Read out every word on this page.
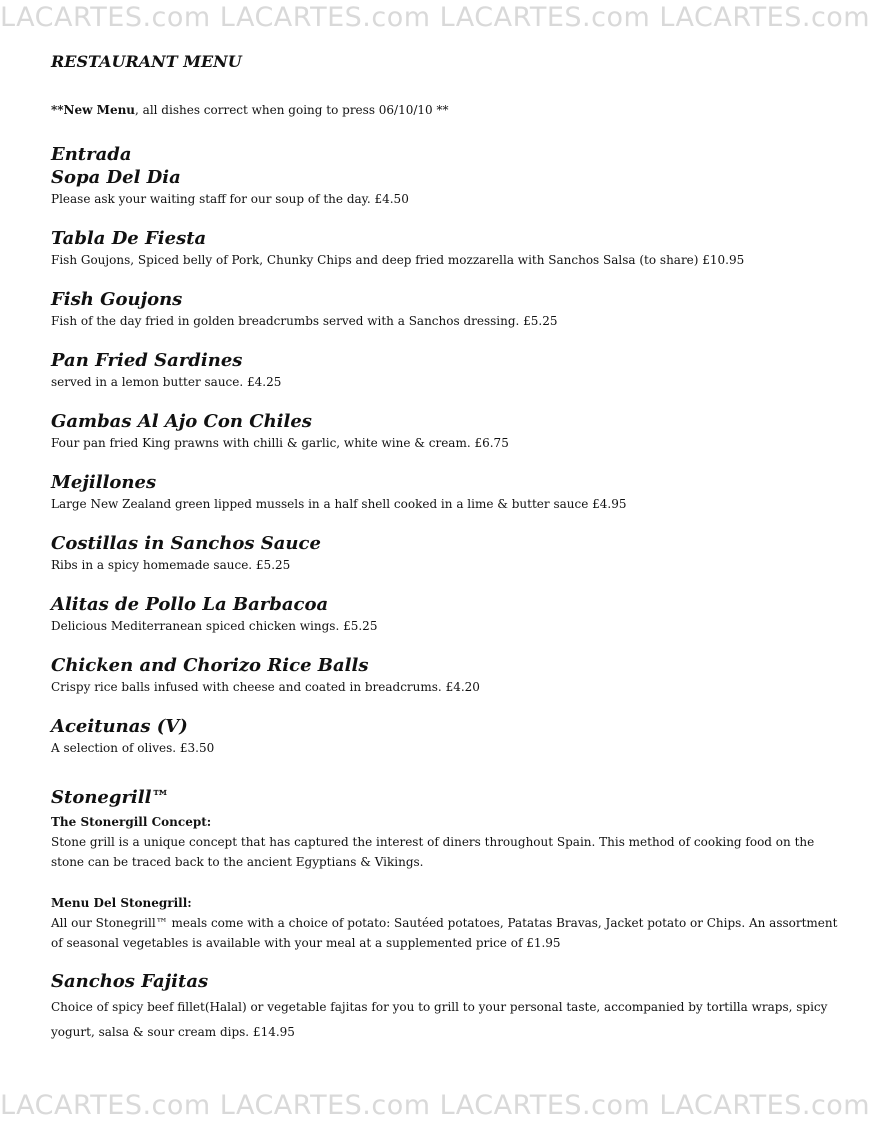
LACARTES.com LACARTES.com LACARTES.com LACARTES.com
RESTAURANT MENU
**New Menu, all dishes correct when going to press 06/10/10 **
Entrada
Sopa Del Dia
Please ask your waiting staff for our soup of the day. £4.50
Tabla De Fiesta
Fish Goujons, Spiced belly of Pork, Chunky Chips and deep fried mozzarella with Sanchos Salsa (to share) £10.95
Fish Goujons
Fish of the day fried in golden breadcrumbs served with a Sanchos dressing. £5.25
Pan Fried Sardines
served in a lemon butter sauce. £4.25
Gambas Al Ajo Con Chiles
Four pan fried King prawns with chilli & garlic, white wine & cream. £6.75
Mejillones
Large New Zealand green lipped mussels in a half shell cooked in a lime & butter sauce £4.95
Costillas in Sanchos Sauce
Ribs in a spicy homemade sauce. £5.25
Alitas de Pollo La Barbacoa
Delicious Mediterranean spiced chicken wings. £5.25
Chicken and Chorizo Rice Balls
Crispy rice balls infused with cheese and coated in breadcrums. £4.20
Aceitunas (V)
A selection of olives. £3.50
Stonegrill™
The Stonergill Concept:
Stone grill is a unique concept that has captured the interest of diners throughout Spain. This method of cooking food on the stone can be traced back to the ancient Egyptians & Vikings.
Menu Del Stonegrill:
All our Stonegrill™ meals come with a choice of potato: Sautéed potatoes, Patatas Bravas, Jacket potato or Chips. An assortment of seasonal vegetables is available with your meal at a supplemented price of £1.95
Sanchos Fajitas
Choice of spicy beef fillet(Halal) or vegetable fajitas for you to grill to your personal taste, accompanied by tortilla wraps, spicy yogurt, salsa & sour cream dips. £14.95
LACARTES.com LACARTES.com LACARTES.com LACARTES.com
